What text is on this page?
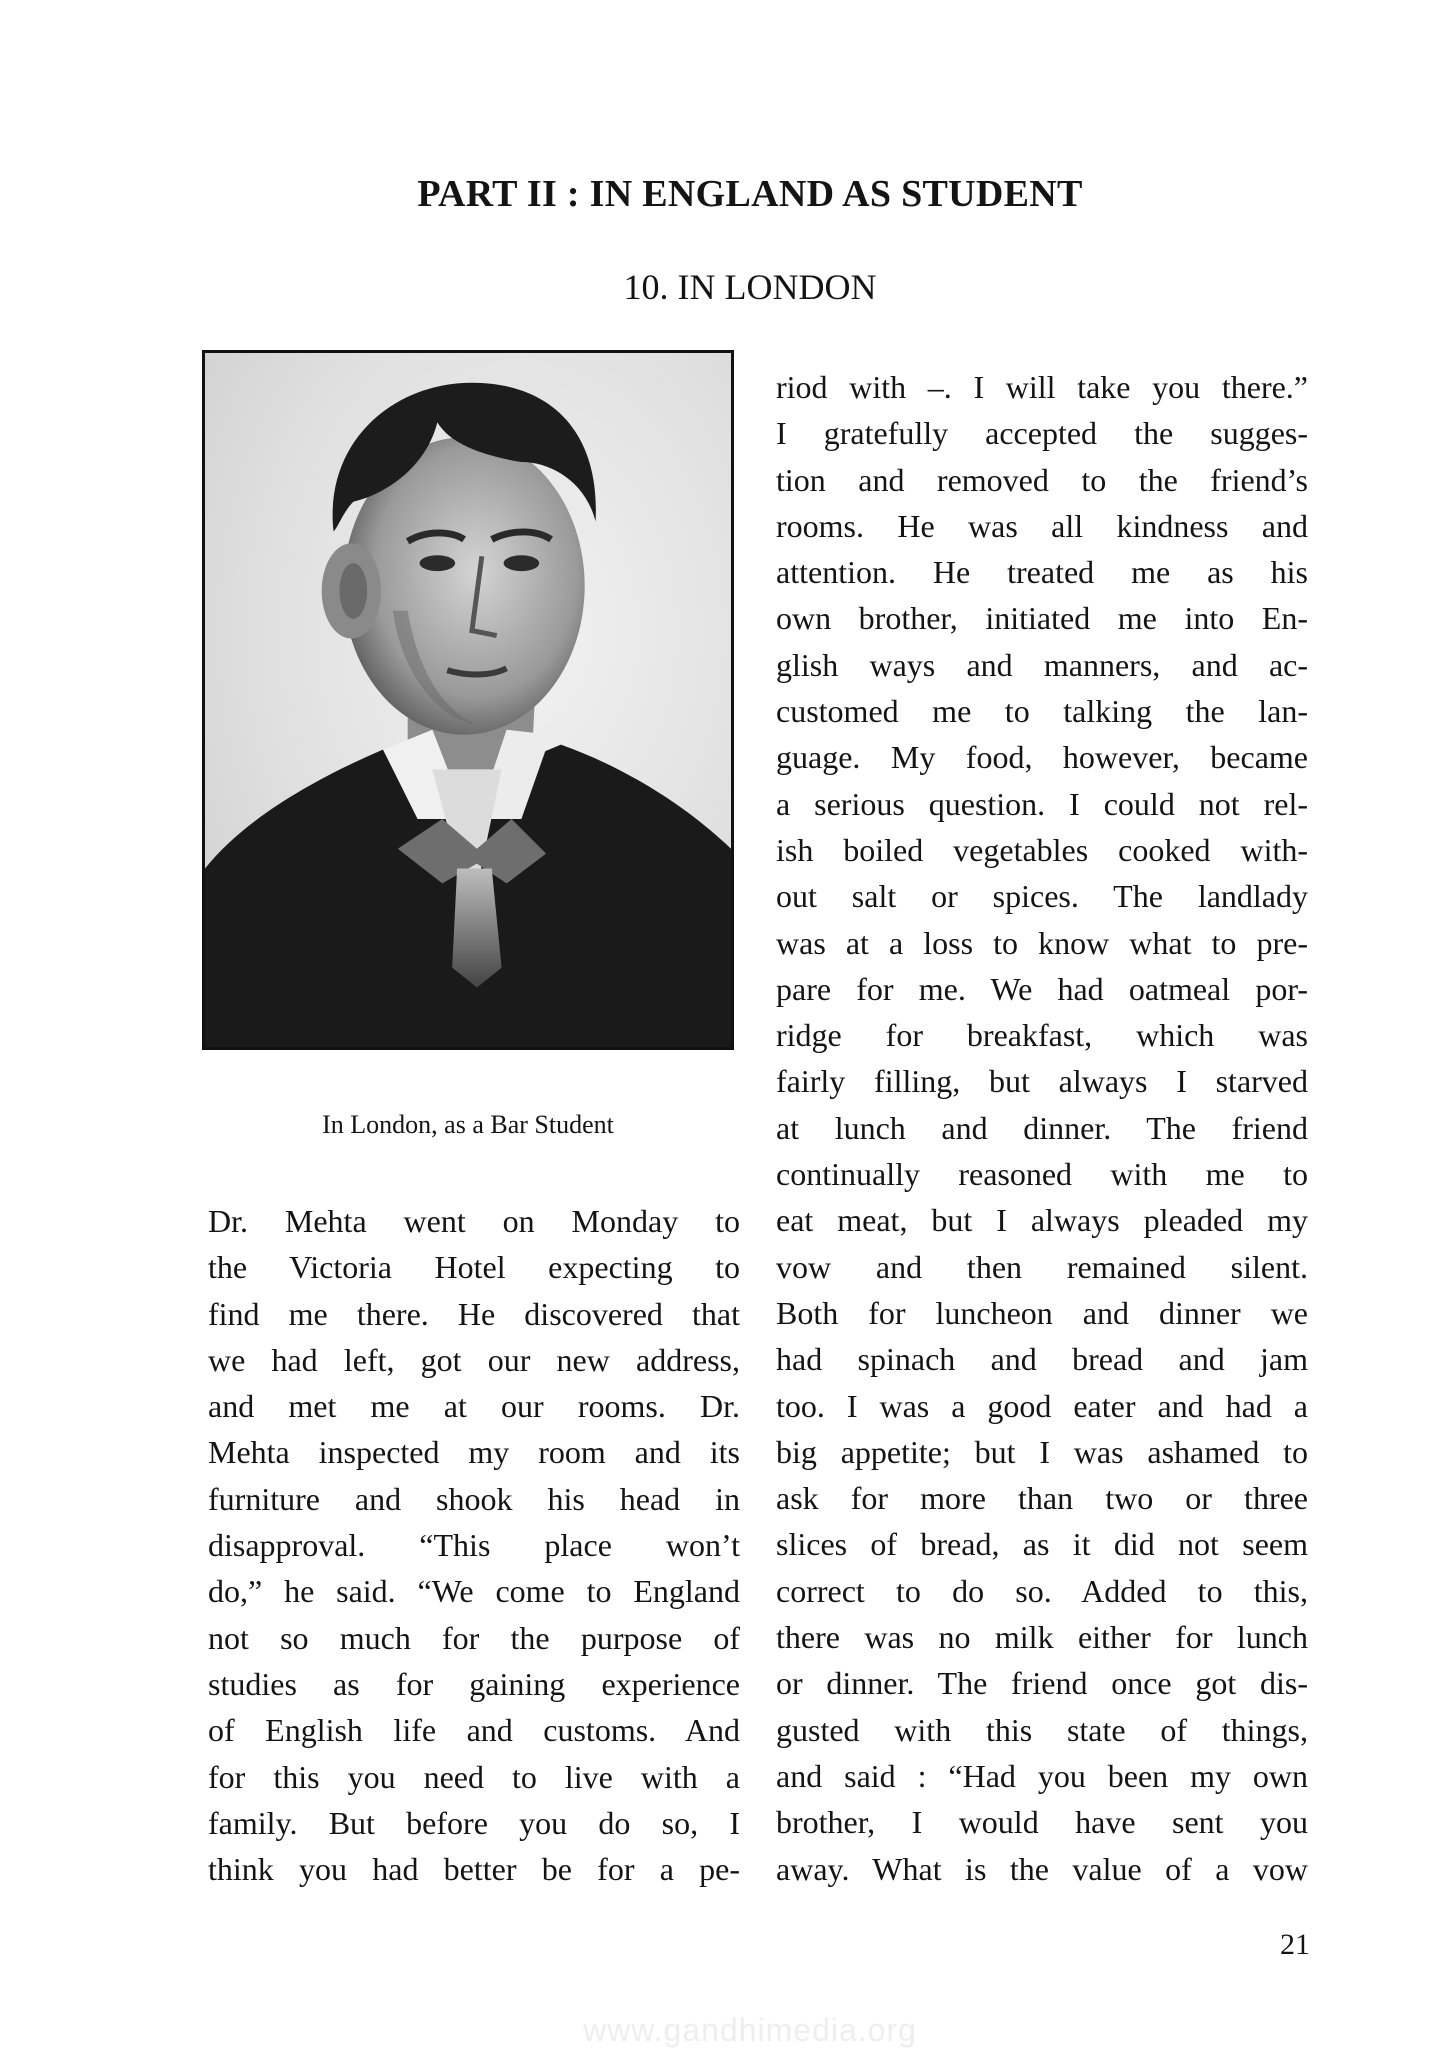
PART II : IN ENGLAND AS STUDENT
10. IN LONDON
In London, as a Bar Student
Dr. Mehta went on Monday to
the Victoria Hotel expecting to
find me there. He discovered that
we had left, got our new address,
and met me at our rooms. Dr.
Mehta inspected my room and its
furniture and shook his head in
disapproval. “This place won’t
do,” he said. “We come to England
not so much for the purpose of
studies as for gaining experience
of English life and customs. And
for this you need to live with a
family. But before you do so, I
think you had better be for a pe-
riod with –. I will take you there.”
I gratefully accepted the sugges-
tion and removed to the friend’s
rooms. He was all kindness and
attention. He treated me as his
own brother, initiated me into En-
glish ways and manners, and ac-
customed me to talking the lan-
guage. My food, however, became
a serious question. I could not rel-
ish boiled vegetables cooked with-
out salt or spices. The landlady
was at a loss to know what to pre-
pare for me. We had oatmeal por-
ridge for breakfast, which was
fairly filling, but always I starved
at lunch and dinner. The friend
continually reasoned with me to
eat meat, but I always pleaded my
vow and then remained silent.
Both for luncheon and dinner we
had spinach and bread and jam
too. I was a good eater and had a
big appetite; but I was ashamed to
ask for more than two or three
slices of bread, as it did not seem
correct to do so. Added to this,
there was no milk either for lunch
or dinner. The friend once got dis-
gusted with this state of things,
and said : “Had you been my own
brother, I would have sent you
away. What is the value of a vow
21
www.gandhimedia.org
